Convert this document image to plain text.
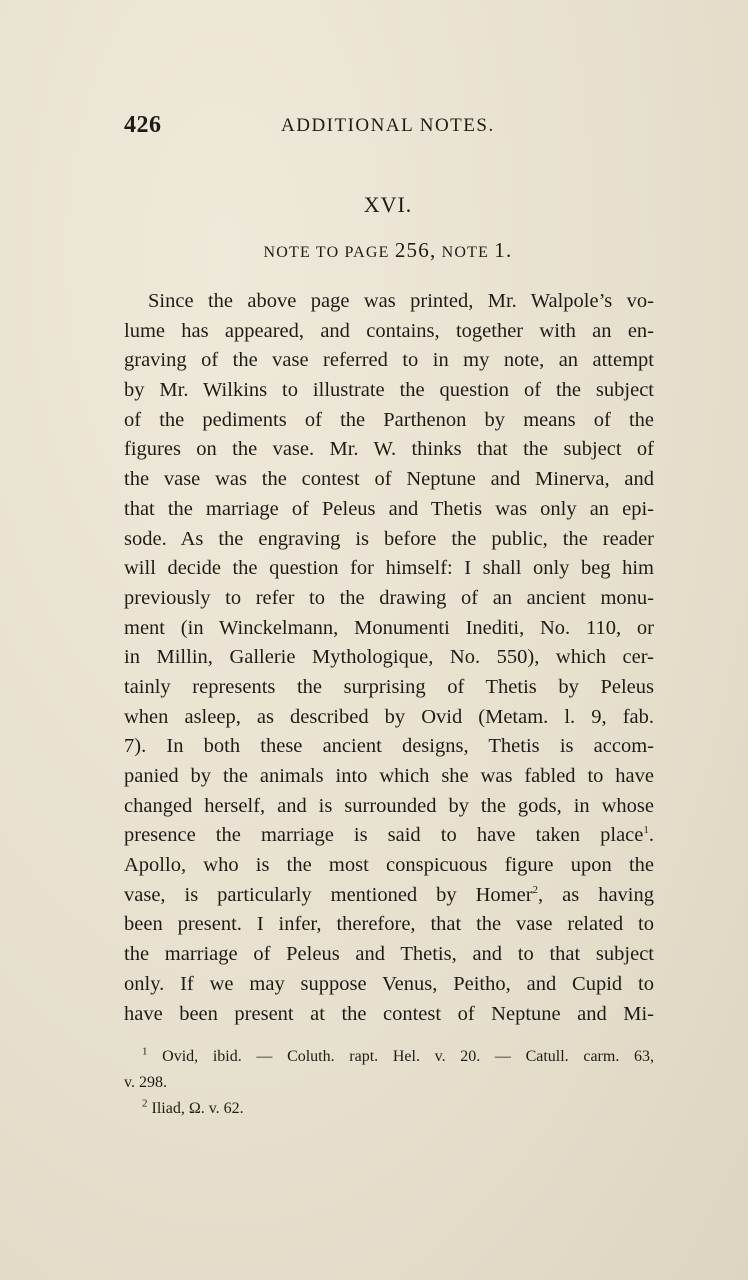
426	ADDITIONAL NOTES.
XVI.
NOTE TO PAGE 256, NOTE 1.
Since the above page was printed, Mr. Walpole’s vo-
lume has appeared, and contains, together with an en-
graving of the vase referred to in my note, an attempt
by Mr. Wilkins to illustrate the question of the subject
of the pediments of the Parthenon by means of the
figures on the vase. Mr. W. thinks that the subject of
the vase was the contest of Neptune and Minerva, and
that the marriage of Peleus and Thetis was only an epi-
sode. As the engraving is before the public, the reader
will decide the question for himself: I shall only beg him
previously to refer to the drawing of an ancient monu-
ment (in Winckelmann, Monumenti Inediti, No. 110, or
in Millin, Gallerie Mythologique, No. 550), which cer-
tainly represents the surprising of Thetis by Peleus
when asleep, as described by Ovid (Metam. l. 9, fab.
7). In both these ancient designs, Thetis is accom-
panied by the animals into which she was fabled to have
changed herself, and is surrounded by the gods, in whose
presence the marriage is said to have taken place$^1$.
Apollo, who is the most conspicuous figure upon the
vase, is particularly mentioned by Homer$^2$, as having
been present. I infer, therefore, that the vase related to
the marriage of Peleus and Thetis, and to that subject
only. If we may suppose Venus, Peitho, and Cupid to
have been present at the contest of Neptune and Mi-
$^1$ Ovid, ibid. — Coluth. rapt. Hel. v. 20. — Catull. carm. 63,
v. 298.
$^2$ Iliad, Ω. v. 62.
